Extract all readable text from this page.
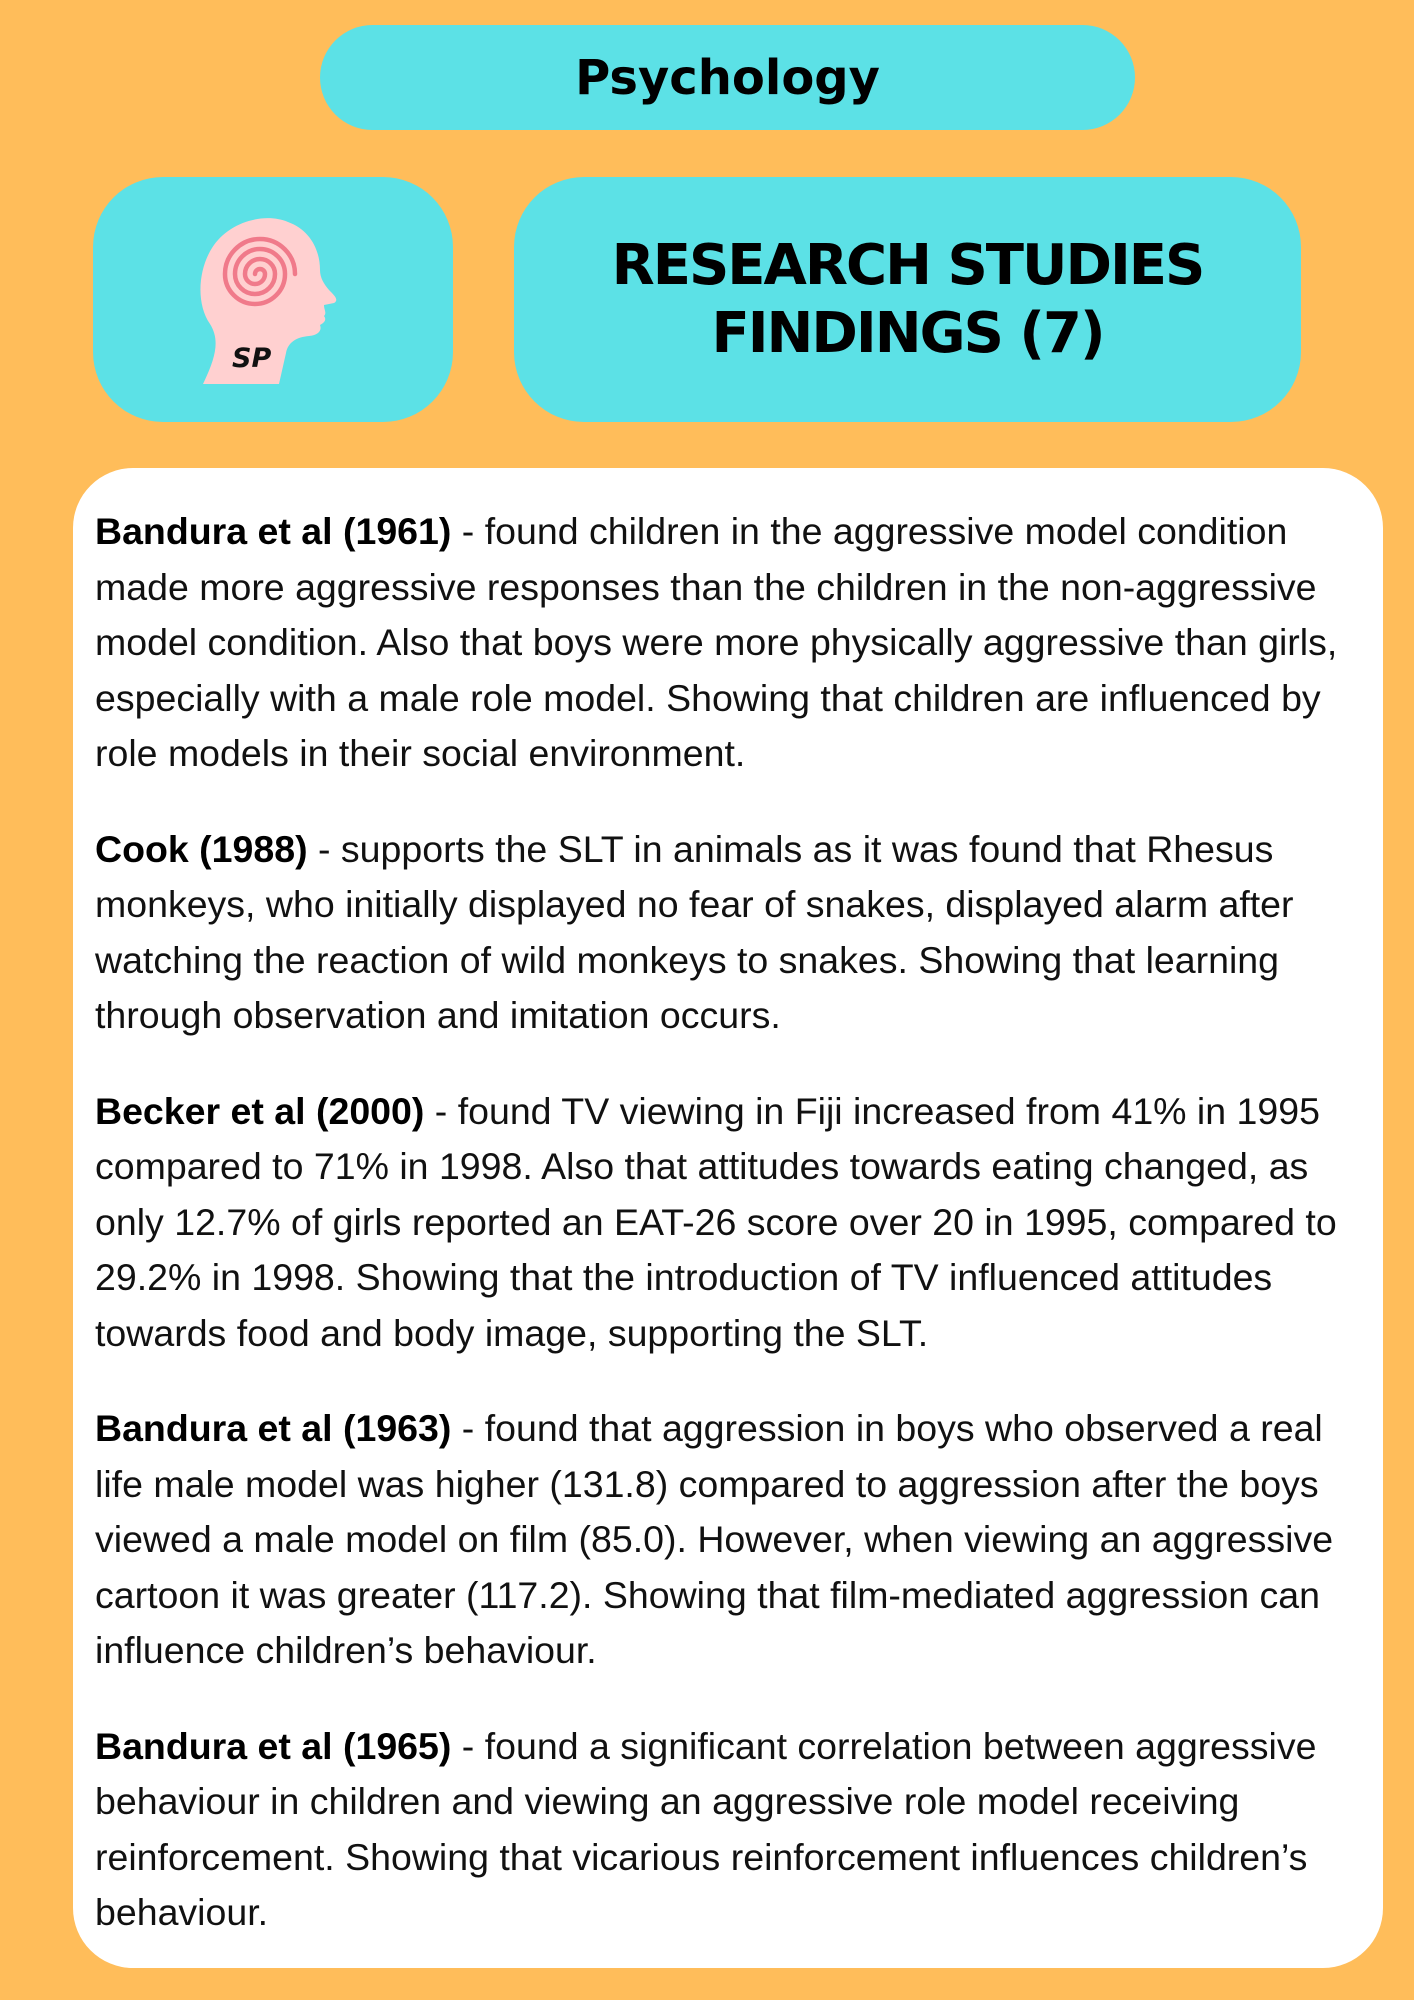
Psychology
SP
RESEARCH STUDIES
FINDINGS (7)

Bandura et al (1961) - found children in the aggressive model condition made more aggressive responses than the children in the non-aggressive model condition. Also that boys were more physically aggressive than girls, especially with a male role model. Showing that children are influenced by role models in their social environment.

Cook (1988) - supports the SLT in animals as it was found that Rhesus monkeys, who initially displayed no fear of snakes, displayed alarm after watching the reaction of wild monkeys to snakes. Showing that learning through observation and imitation occurs.

Becker et al (2000) - found TV viewing in Fiji increased from 41% in 1995 compared to 71% in 1998. Also that attitudes towards eating changed, as only 12.7% of girls reported an EAT-26 score over 20 in 1995, compared to 29.2% in 1998. Showing that the introduction of TV influenced attitudes towards food and body image, supporting the SLT.

Bandura et al (1963) - found that aggression in boys who observed a real life male model was higher (131.8) compared to aggression after the boys viewed a male model on film (85.0). However, when viewing an aggressive cartoon it was greater (117.2). Showing that film-mediated aggression can influence children’s behaviour.

Bandura et al (1965) - found a significant correlation between aggressive behaviour in children and viewing an aggressive role model receiving reinforcement. Showing that vicarious reinforcement influences children’s behaviour.
